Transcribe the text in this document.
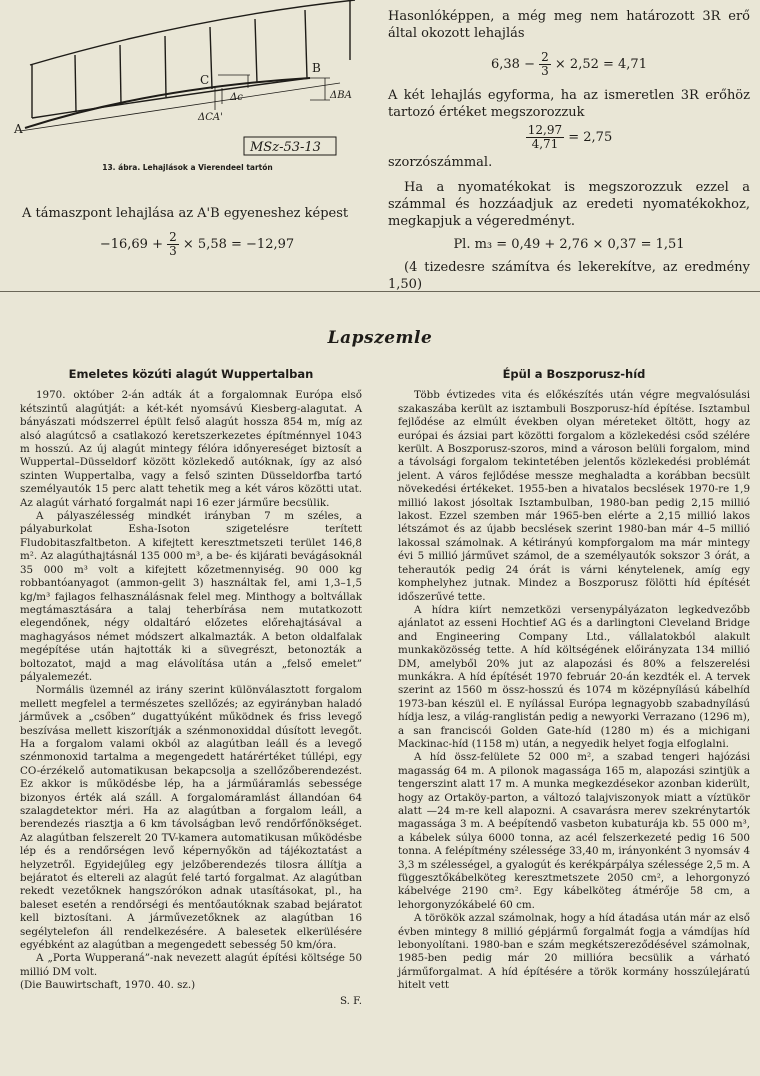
A
B
C
Δc
ΔCA'
ΔBA
MSz-53-13
13. ábra. Lehajlások a Vierendeel tartón

A támaszpont lehajlása az A'B egyeneshez képest

$-16,69 + \frac{2}{3} \times 5,58 = -12,97$

Hasonlóképpen, a még meg nem határozott 3R erő által okozott lehajlás

$6,38 - \frac{2}{3} \times 2,52 = 4,71$

A két lehajlás egyforma, ha az ismeretlen 3R erőhöz tartozó értéket megszorozzuk

$\frac{12,97}{4,71} = 2,75$

szorzószámmal.

Ha a nyomatékokat is megszorozzuk ezzel a számmal és hozzáadjuk az eredeti nyomatékokhoz, megkapjuk a végeredményt.

Pl. m₃ = 0,49 + 2,76 × 0,37 = 1,51

(4 tizedesre számítva és lekerekítve, az eredmény 1,50)

Lapszemle
Emeletes közúti alagút Wuppertalban

1970. október 2-án adták át a forgalomnak Európa első kétszintű alagútját: a két-két nyomsávú Kiesberg-alagutat. A bányászati módszerrel épült felső alagút hossza 854 m, míg az alsó alagútcső a csatlakozó keretszerkezetes építménnyel 1043 m hosszú. Az új alagút mintegy félóra időnyereséget biztosít a Wuppertal–Düsseldorf között közlekedő autóknak, így az alsó szinten Wuppertalba, vagy a felső szinten Düsseldorfba tartó személyautók 15 perc alatt tehetik meg a két város közötti utat. Az alagút várható forgalmát napi 16 ezer járműre becsülik.

A pályaszélesség mindkét irányban 7 m széles, a pályaburkolat Esha-Isoton szigetelésre terített Fludobitaszfaltbeton. A kifejtett keresztmetszeti terület 146,8 m². Az alagúthajtásnál 135 000 m³, a be- és kijárati bevágásoknál 35 000 m³ volt a kifejtett kőzetmennyiség. 90 000 kg robbantóanyagot (ammon-gelit 3) használtak fel, ami 1,3–1,5 kg/m³ fajlagos felhasználásnak felel meg. Minthogy a boltvállak megtámasztására a talaj teherbírása nem mutatkozott elegendőnek, négy oldaltáró előzetes előrehajtásával a maghagyásos német módszert alkalmazták. A beton oldalfalak megépítése után hajtották ki a süvegrészt, betonozták a boltozatot, majd a mag elávolítása után a „felső emelet” pályalemezét.

Normális üzemnél az irány szerint különválasztott forgalom mellett megfelel a természetes szellőzés; az egyirányban haladó járművek a „csőben” dugattyúként működnek és friss levegő beszívása mellett kiszorítják a szénmonoxiddal dúsított levegőt. Ha a forgalom valami okból az alagútban leáll és a levegő szénmonoxid tartalma a megengedett határértéket túllépi, egy CO-érzékelő automatikusan bekapcsolja a szellőzőberendezést. Ez akkor is működésbe lép, ha a járműáramlás sebessége bizonyos érték alá száll. A forgalomáramlást állandóan 64 szalagdetektor méri. Ha az alagútban a forgalom leáll, a berendezés riasztja a 6 km távolságban levő rendőrfőnökséget. Az alagútban felszerelt 20 TV-kamera automatikusan működésbe lép és a rendőrségen levő képernyőkön ad tájékoztatást a helyzetről. Egyidejűleg egy jelzőberendezés tilosra állítja a bejáratot és eltereli az alagút felé tartó forgalmat. Az alagútban rekedt vezetőknek hangszórókon adnak utasításokat, pl., ha baleset esetén a rendőrségi és mentőautóknak szabad bejáratot kell biztosítani. A járművezetőknek az alagútban 16 segélytelefon áll rendelkezésére. A balesetek elkerülésére egyébként az alagútban a megengedett sebesség 50 km/óra.

A „Porta Wupperaná”-nak nevezett alagút építési költsége 50 millió DM volt.

(Die Bauwirtschaft, 1970. 40. sz.)

S. F.
Épül a Boszporusz-híd

Több évtizedes vita és előkészítés után végre megvalósulási szakaszába került az isztambuli Boszporusz-híd építése. Isztambul fejlődése az elmúlt években olyan méreteket öltött, hogy az európai és ázsiai part közötti forgalom a közlekedési csőd szélére került. A Boszporusz-szoros, mind a városon belüli forgalom, mind a távolsági forgalom tekintetében jelentős közlekedési problémát jelent. A város fejlődése messze meghaladta a korábban becsült növekedési értékeket. 1955-ben a hivatalos becslések 1970-re 1,9 millió lakost jósoltak Isztambulban, 1980-ban pedig 2,15 millió lakost. Ezzel szemben már 1965-ben elérte a 2,15 millió lakos létszámot és az újabb becslések szerint 1980-ban már 4–5 millió lakossal számolnak. A kétirányú kompforgalom ma már mintegy évi 5 millió járművet számol, de a személyautók sokszor 3 órát, a teherautók pedig 24 órát is várni kénytelenek, amíg egy komphelyhez jutnak. Mindez a Boszporusz fölötti híd építését időszerűvé tette.

A hídra kiírt nemzetközi versenypályázaton legkedvezőbb ajánlatot az esseni Hochtief AG és a darlingtoni Cleveland Bridge and Engineering Company Ltd., vállalatokból alakult munkaközösség tette. A híd költségének előirányzata 134 millió DM, amelyből 20% jut az alapozási és 80% a felszerelési munkákra. A híd építését 1970 február 20-án kezdték el. A tervek szerint az 1560 m össz-hosszú és 1074 m középnyílású kábelhíd 1973-ban készül el. E nyílással Európa legnagyobb szabadnyílású hídja lesz, a világ-ranglistán pedig a newyorki Verrazano (1296 m), a san franciscói Golden Gate-híd (1280 m) és a michigani Mackinac-híd (1158 m) után, a negyedik helyet fogja elfoglalni.

A híd össz-felülete 52 000 m², a szabad tengeri hajózási magasság 64 m. A pilonok magassága 165 m, alapozási szintjük a tengerszint alatt 17 m. A munka megkezdésekor azonban kiderült, hogy az Ortaköy-parton, a változó talajviszonyok miatt a víztükör alatt —24 m-re kell alapozni. A csavarásra merev szekrénytartók magassága 3 m. A beépítendő vasbeton kubaturája kb. 55 000 m³, a kábelek súlya 6000 tonna, az acél felszerkezeté pedig 16 500 tonna. A felépítmény szélessége 33,40 m, irányonként 3 nyomsáv 4 3,3 m szélességel, a gyalogút és kerékpárpálya szélessége 2,5 m. A függesztőkábelköteg keresztmetszete 2050 cm², a lehorgonyzó kábelvége 2190 cm². Egy kábelköteg átmérője 58 cm, a lehorgonyzókábelé 60 cm.

A törökök azzal számolnak, hogy a híd átadása után már az első évben mintegy 8 millió gépjármű forgalmát fogja a vámdíjas híd lebonyolítani. 1980-ban e szám megkétszereződésével számolnak, 1985-ben pedig már 20 millióra becsülik a várható járműforgalmat. A híd építésére a török kormány hosszúlejáratú hitelt vett
